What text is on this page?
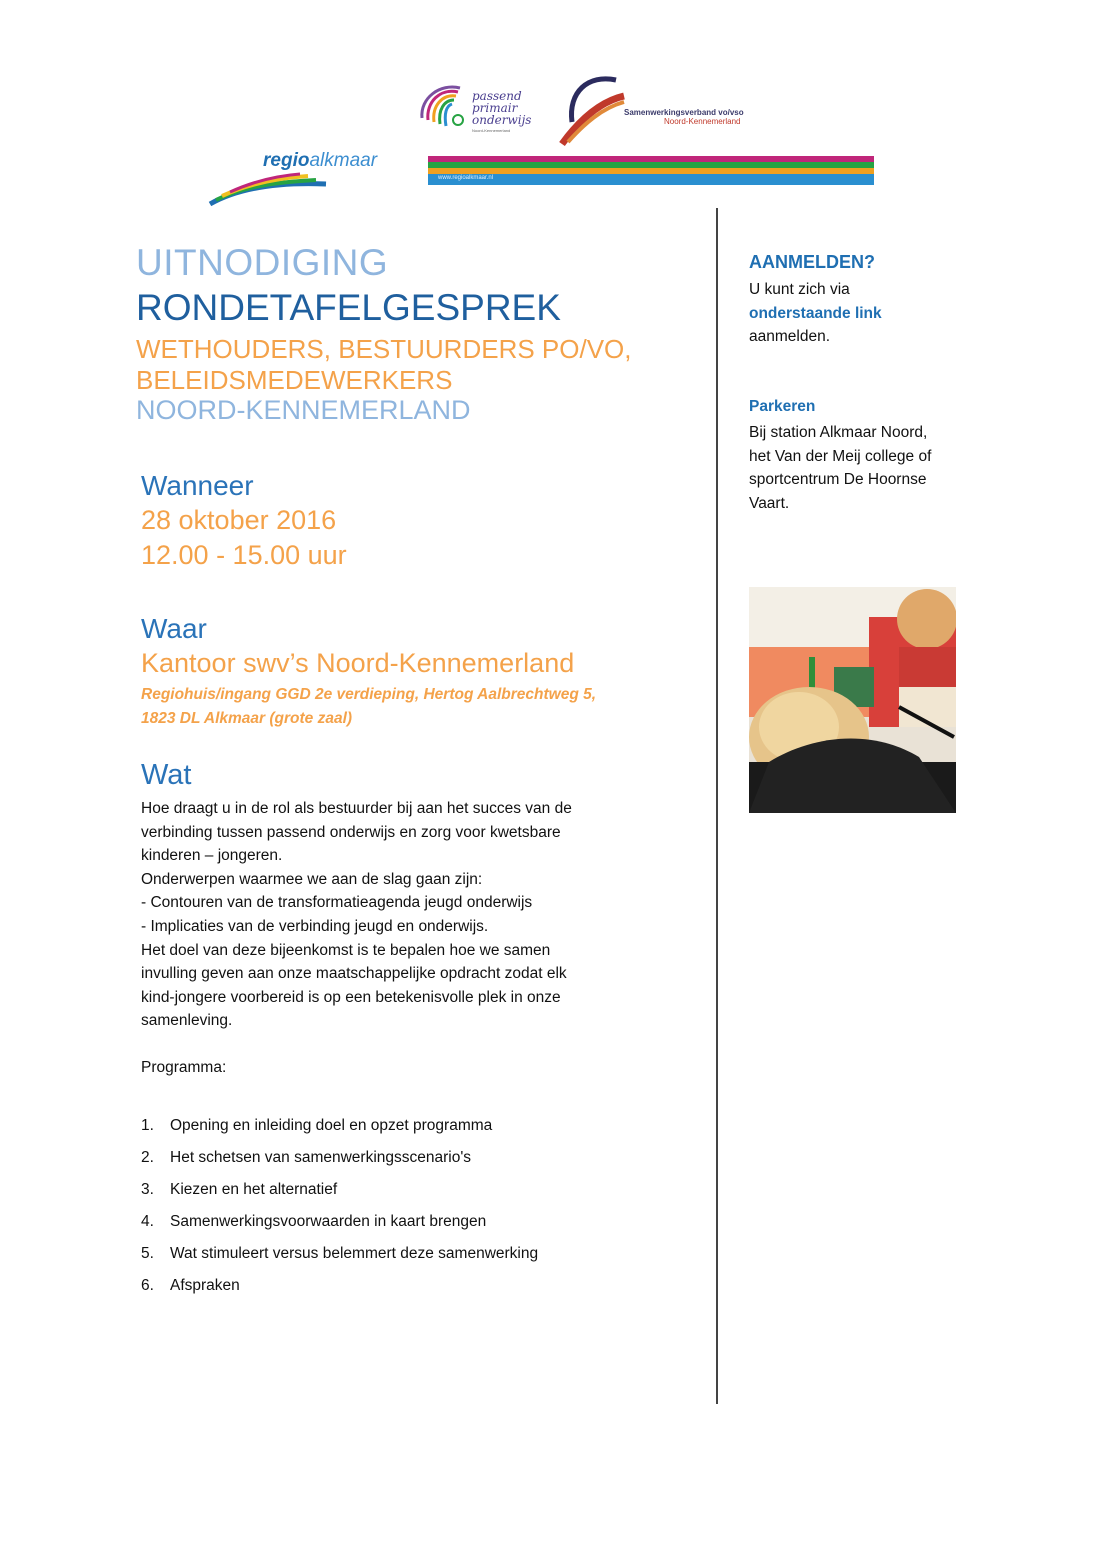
passend
primair
onderwijs
Noord-Kennemerland
Samenwerkingsverband vo/vso
Noord-Kennemerland
regioalkmaar
www.regioalkmaar.nl
UITNODIGING
RONDETAFELGESPREK
WETHOUDERS, BESTUURDERS PO/VO,
BELEIDSMEDEWERKERS
NOORD-KENNEMERLAND
Wanneer
28 oktober 2016
12.00 - 15.00 uur
Waar
Kantoor swv’s Noord-Kennemerland
Regiohuis/ingang GGD 2e verdieping, Hertog Aalbrechtweg 5,
1823 DL Alkmaar (grote zaal)
Wat
Hoe draagt u in de rol als bestuurder bij aan het succes van de
verbinding tussen passend onderwijs en zorg voor kwetsbare
kinderen – jongeren.
Onderwerpen waarmee we aan de slag gaan zijn:
- Contouren van de transformatieagenda jeugd onderwijs
- Implicaties van de verbinding jeugd en onderwijs.
Het doel van deze bijeenkomst is te bepalen hoe we samen
invulling geven aan onze maatschappelijke opdracht zodat elk
kind-jongere voorbereid is op een betekenisvolle plek in onze
samenleving.
Programma:
1.	Opening en inleiding doel en opzet programma
2.	Het schetsen van samenwerkingsscenario's
3.	Kiezen en het alternatief
4.	Samenwerkingsvoorwaarden in kaart brengen
5.	Wat stimuleert versus belemmert deze samenwerking
6.	Afspraken
AANMELDEN?
U kunt zich via
onderstaande link
aanmelden.
Parkeren
Bij station Alkmaar Noord,
het Van der Meij college of
sportcentrum De Hoornse
Vaart.
